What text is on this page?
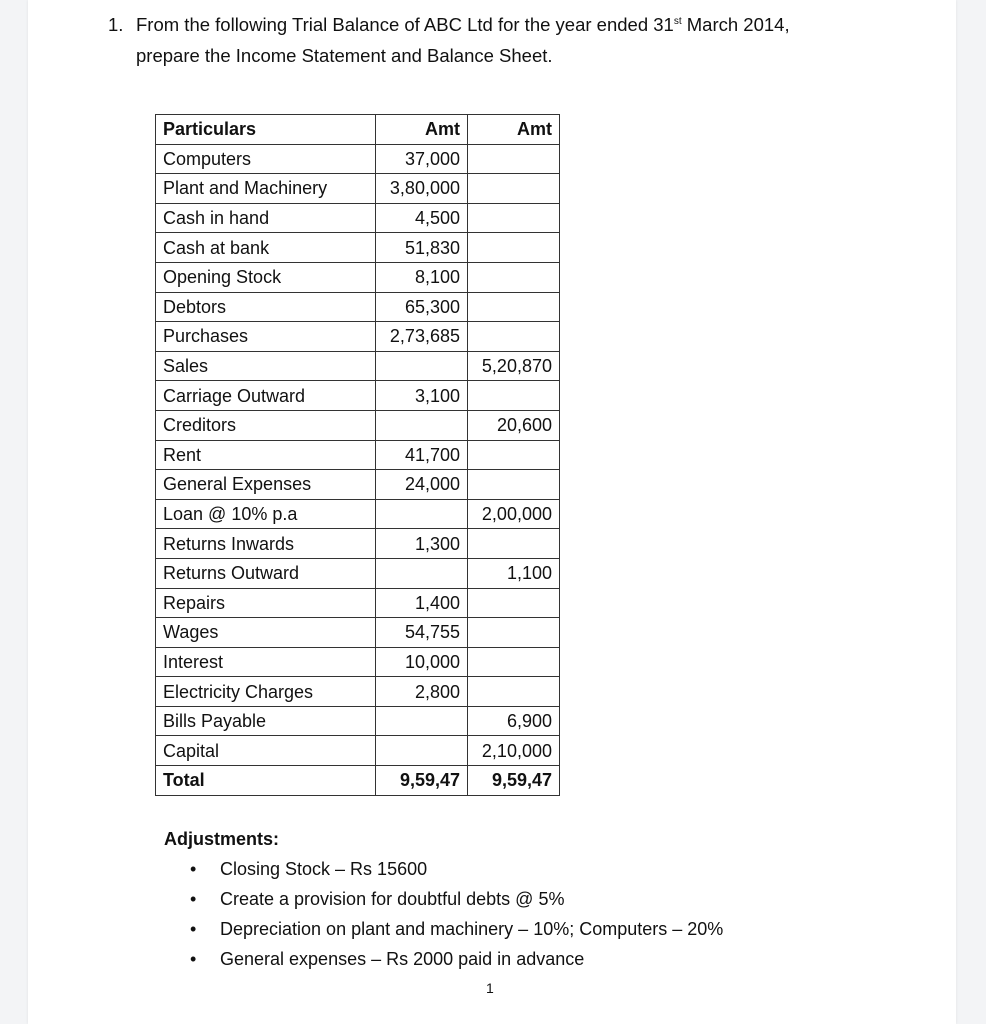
1. From the following Trial Balance of ABC Ltd for the year ended 31st March 2014,
prepare the Income Statement and Balance Sheet.
Particulars	Amt	Amt
Computers	37,000	
Plant and Machinery	3,80,000	
Cash in hand	4,500	
Cash at bank	51,830	
Opening Stock	8,100	
Debtors	65,300	
Purchases	2,73,685	
Sales		5,20,870
Carriage Outward	3,100	
Creditors		20,600
Rent	41,700	
General Expenses	24,000	
Loan @ 10% p.a		2,00,000
Returns Inwards	1,300	
Returns Outward		1,100
Repairs	1,400	
Wages	54,755	
Interest	10,000	
Electricity Charges	2,800	
Bills Payable		6,900
Capital		2,10,000
Total	9,59,47	9,59,47
Adjustments:
• Closing Stock – Rs 15600
• Create a provision for doubtful debts @ 5%
• Depreciation on plant and machinery – 10%; Computers – 20%
• General expenses – Rs 2000 paid in advance
1
